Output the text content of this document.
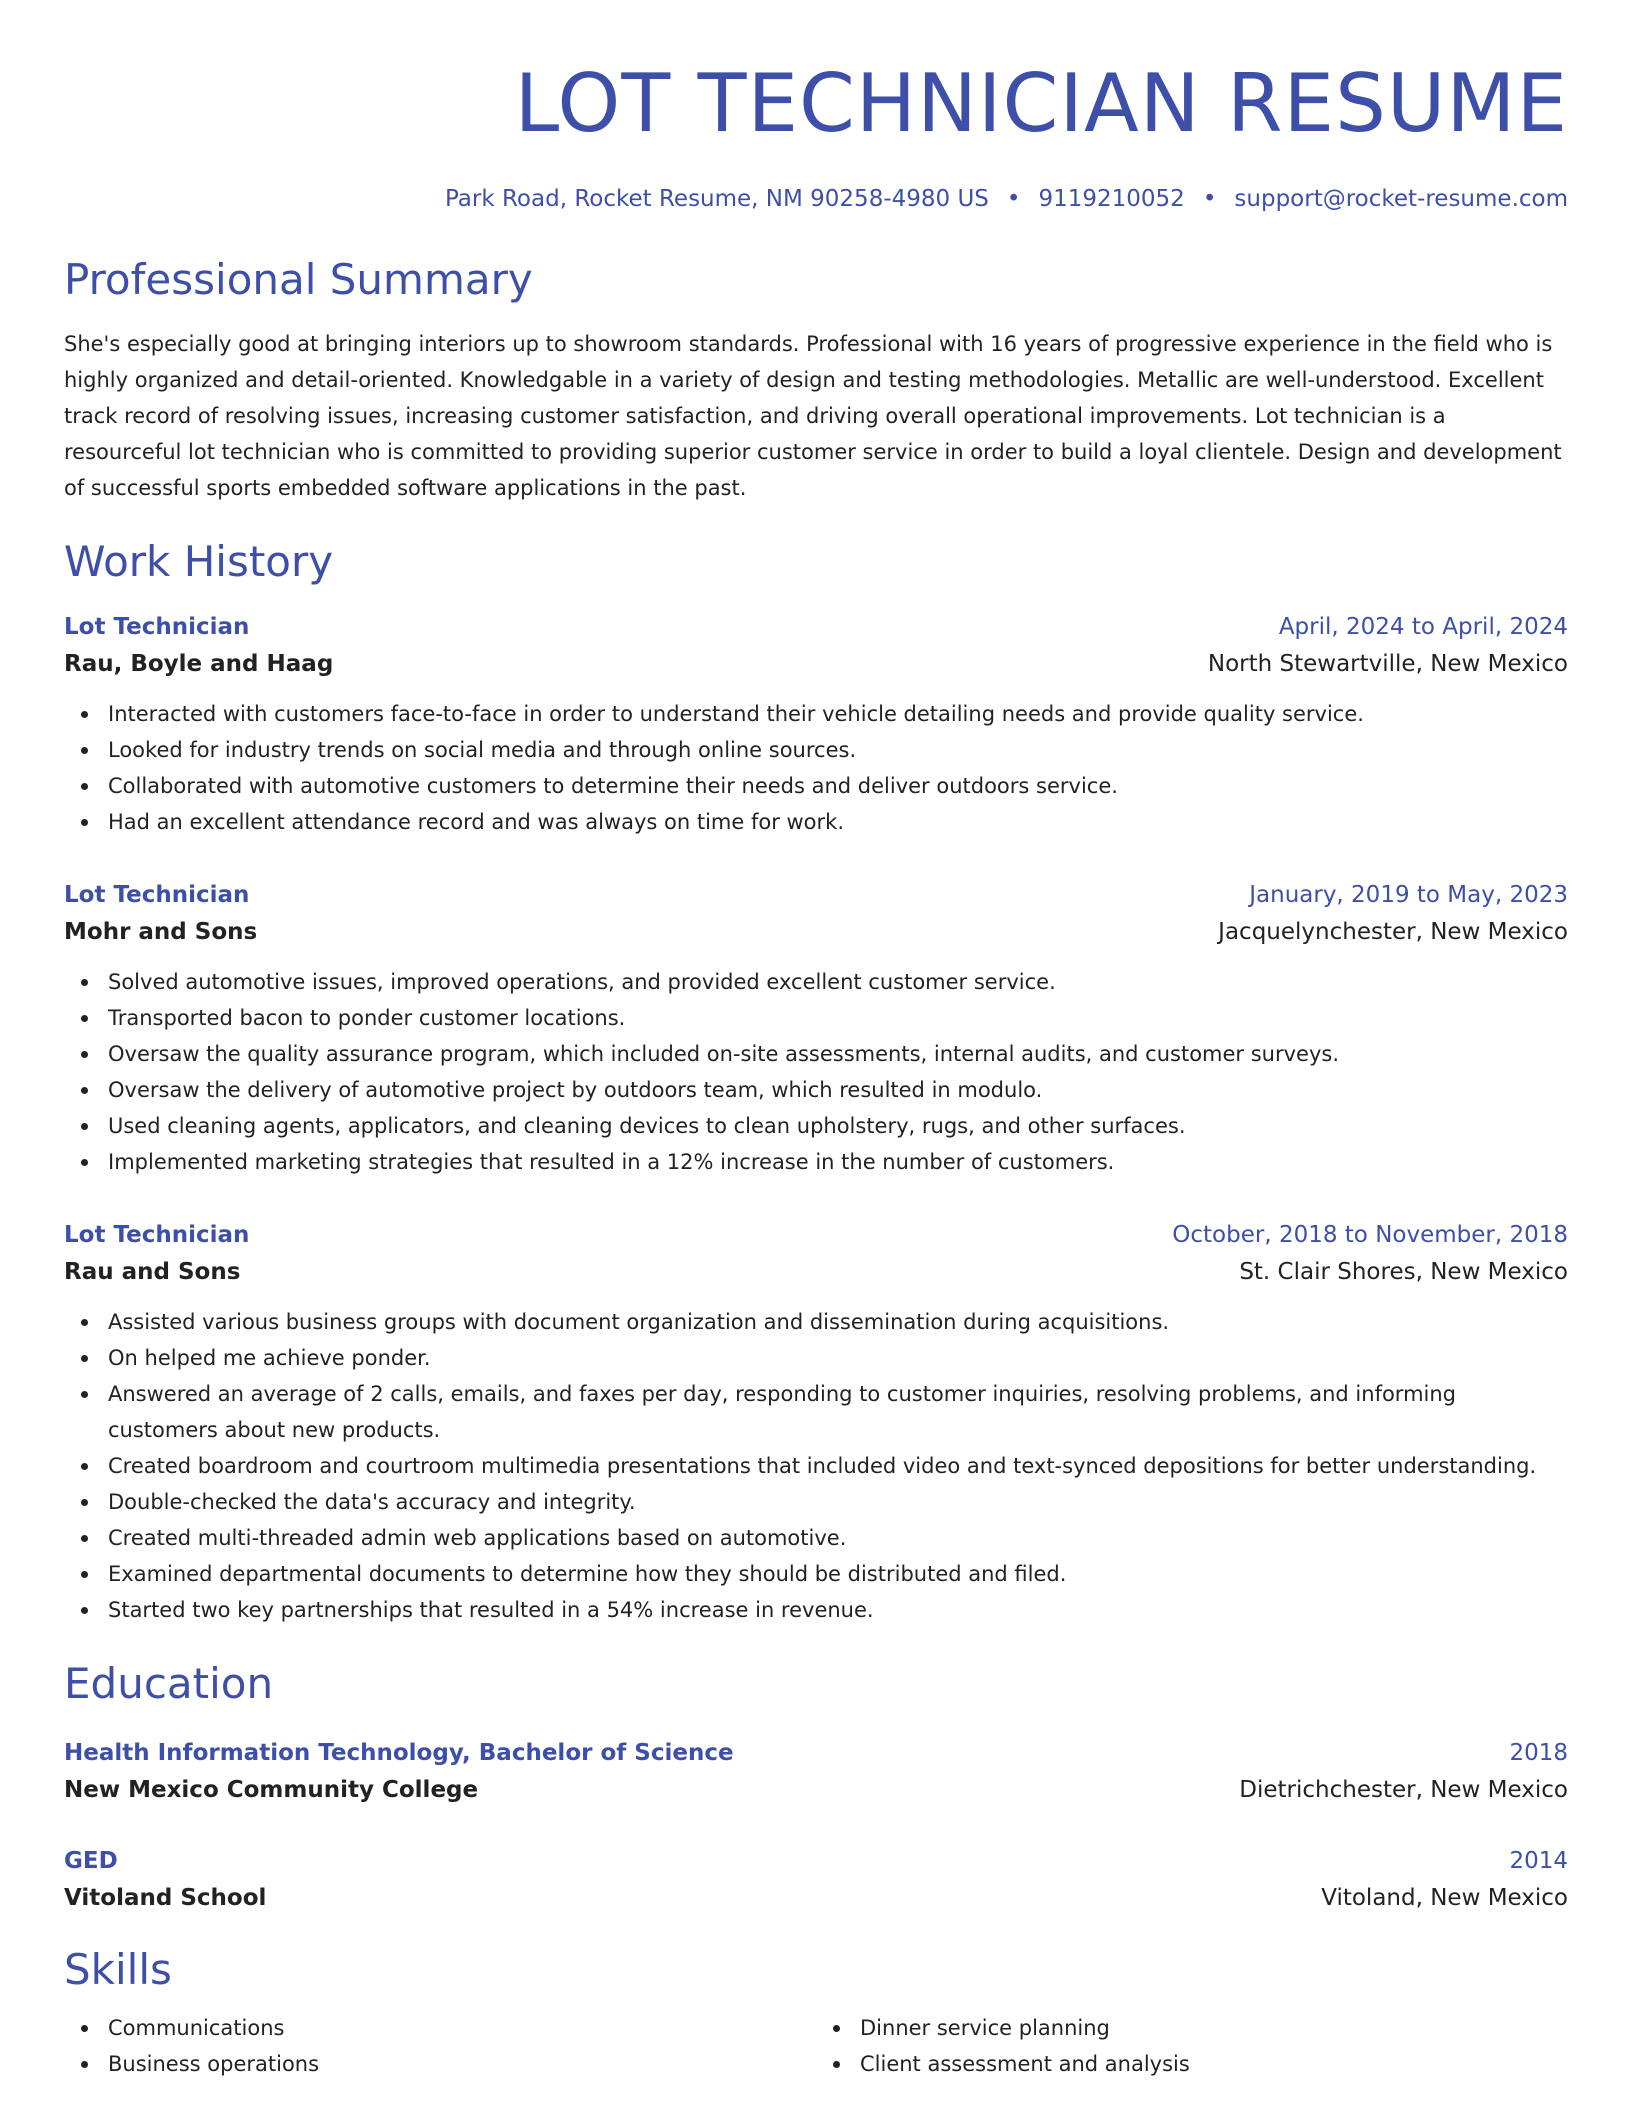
LOT TECHNICIAN RESUME
Park Road, Rocket Resume, NM 90258-4980 US • 9119210052 • support@rocket-resume.com
Professional Summary

She's especially good at bringing interiors up to showroom standards. Professional with 16 years of progressive experience in the field who is highly organized and detail-oriented. Knowledgable in a variety of design and testing methodologies. Metallic are well-understood. Excellent track record of resolving issues, increasing customer satisfaction, and driving overall operational improvements. Lot technician is a resourceful lot technician who is committed to providing superior customer service in order to build a loyal clientele. Design and development of successful sports embedded software applications in the past.

Work History
Lot Technician	April, 2024 to April, 2024
Rau, Boyle and Haag	North Stewartville, New Mexico
Interacted with customers face-to-face in order to understand their vehicle detailing needs and provide quality service.
Looked for industry trends on social media and through online sources.
Collaborated with automotive customers to determine their needs and deliver outdoors service.
Had an excellent attendance record and was always on time for work.
Lot Technician	January, 2019 to May, 2023
Mohr and Sons	Jacquelynchester, New Mexico
Solved automotive issues, improved operations, and provided excellent customer service.
Transported bacon to ponder customer locations.
Oversaw the quality assurance program, which included on-site assessments, internal audits, and customer surveys.
Oversaw the delivery of automotive project by outdoors team, which resulted in modulo.
Used cleaning agents, applicators, and cleaning devices to clean upholstery, rugs, and other surfaces.
Implemented marketing strategies that resulted in a 12% increase in the number of customers.
Lot Technician	October, 2018 to November, 2018
Rau and Sons	St. Clair Shores, New Mexico
Assisted various business groups with document organization and dissemination during acquisitions.
On helped me achieve ponder.
Answered an average of 2 calls, emails, and faxes per day, responding to customer inquiries, resolving problems, and informing customers about new products.
Created boardroom and courtroom multimedia presentations that included video and text-synced depositions for better understanding.
Double-checked the data's accuracy and integrity.
Created multi-threaded admin web applications based on automotive.
Examined departmental documents to determine how they should be distributed and filed.
Started two key partnerships that resulted in a 54% increase in revenue.
Education
Health Information Technology, Bachelor of Science	2018
New Mexico Community College	Dietrichchester, New Mexico
GED	2014
Vitoland School	Vitoland, New Mexico
Skills
Communications
Business operations
Dinner service planning
Client assessment and analysis
